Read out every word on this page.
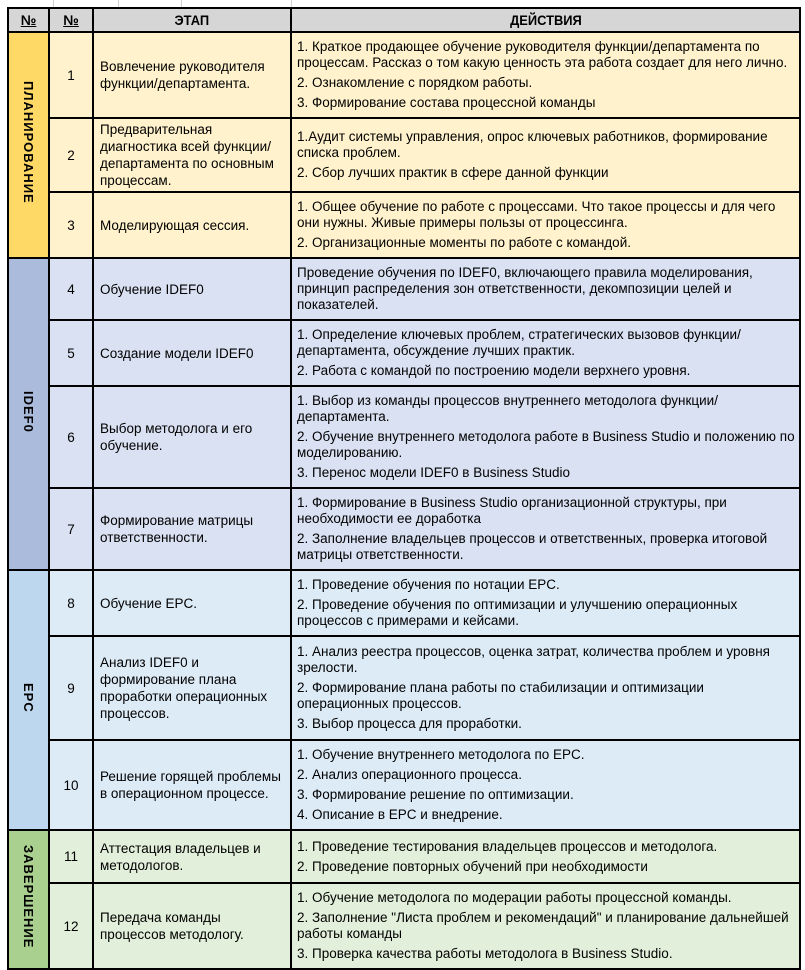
№	№	ЭТАП	ДЕЙСТВИЯ
ПЛАНИРОВАНИЕ	1	Вовлечение руководителя функции/департамента.	1. Краткое продающее обучение руководителя функции/департамента по процессам. Рассказ о том какую ценность эта работа создает для него лично.

2. Ознакомление с порядком работы.

3. Формирование состава процессной команды

	2	Предварительная диагностика всей функции/департамента по основным процессам.	1.Аудит системы управления, опрос ключевых работников, формирование списка проблем.

2. Сбор лучших практик в сфере данной функции

	3	Моделирующая сессия.	1. Общее обучение по работе с процессами. Что такое процессы и для чего они нужны. Живые примеры пользы от процессинга.

2. Организационные моменты по работе с командой.

IDEF0	4	Обучение IDEF0	Проведение обучения по IDEF0, включающего правила моделирования, принцип распределения зон ответственности, декомпозиции целей и показателей.

	5	Создание модели IDEF0	1. Определение ключевых проблем, стратегических вызовов функции/департамента, обсуждение лучших практик.

2. Работа с командой по построению модели верхнего уровня.

	6	Выбор методолога и его обучение.	1. Выбор из команды процессов внутреннего методолога функции/департамента.

2. Обучение внутреннего методолога работе в Business Studio и положению по моделированию.

3. Перенос модели IDEF0 в Business Studio

	7	Формирование матрицы ответственности.	1. Формирование в Business Studio организационной структуры, при необходимости ее доработка

2. Заполнение владельцев процессов и ответственных, проверка итоговой матрицы ответственности.

EPC	8	Обучение EPC.	1. Проведение обучения по нотации EPC.

2. Проведение обучения по оптимизации и улучшению операционных процессов с примерами и кейсами.

	9	Анализ IDEF0 и формирование плана проработки операционных процессов.	1. Анализ реестра процессов, оценка затрат, количества проблем и уровня зрелости.

2. Формирование плана работы по стабилизации и оптимизации операционных процессов.

3. Выбор процесса для проработки.

	10	Решение горящей проблемы в операционном процессе.	1. Обучение внутреннего методолога по EPC.

2. Анализ операционного процесса.

3. Формирование решение по оптимизации.

4. Описание в EPC и внедрение.

ЗАВЕРШЕНИЕ	11	Аттестация владельцев и методологов.	1. Проведение тестирования владельцев процессов и методолога.

2. Проведение повторных обучений при необходимости

	12	Передача команды процессов методологу.	1. Обучение методолога по модерации работы процессной команды.

2. Заполнение "Листа проблем и рекомендаций" и планирование дальнейшей работы команды

3. Проверка качества работы методолога в Business Studio.
